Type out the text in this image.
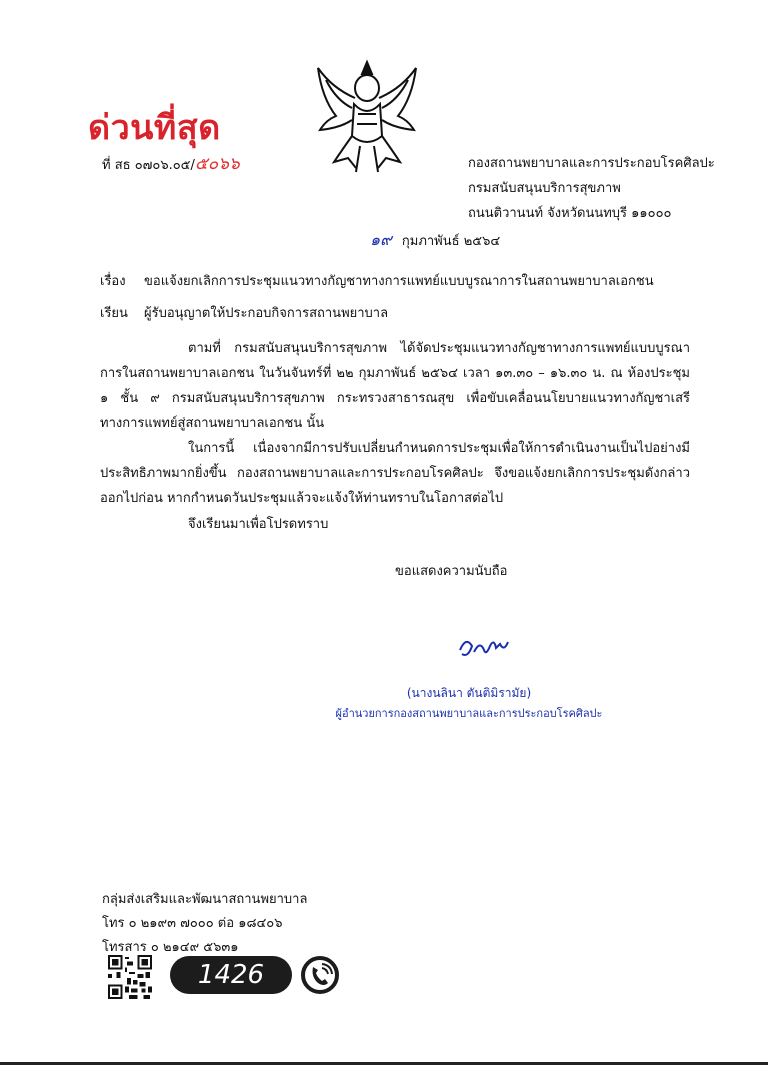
ด่วนที่สุด
ที่ สธ ๐๗๐๖.๐๕/๕๐๖๖	กองสถานพยาบาลและการประกอบโรคศิลปะ
กรมสนับสนุนบริการสุขภาพ
ถนนติวานนท์ จังหวัดนนทบุรี ๑๑๐๐๐
๑๙ กุมภาพันธ์ ๒๕๖๔
เรื่อง ขอแจ้งยกเลิกการประชุมแนวทางกัญชาทางการแพทย์แบบบูรณาการในสถานพยาบาลเอกชน
เรียน ผู้รับอนุญาตให้ประกอบกิจการสถานพยาบาล
ตามที่ กรมสนับสนุนบริการสุขภาพ ได้จัดประชุมแนวทางกัญชาทางการแพทย์แบบบูรณาการในสถานพยาบาลเอกชน ในวันจันทร์ที่ ๒๒ กุมภาพันธ์ ๒๕๖๔ เวลา ๑๓.๓๐ – ๑๖.๓๐ น. ณ ห้องประชุม ๑ ชั้น ๙ กรมสนับสนุนบริการสุขภาพ กระทรวงสาธารณสุข เพื่อขับเคลื่อนนโยบายแนวทางกัญชาเสรีทางการแพทย์สู่สถานพยาบาลเอกชน นั้น
ในการนี้ เนื่องจากมีการปรับเปลี่ยนกำหนดการประชุมเพื่อให้การดำเนินงานเป็นไปอย่างมีประสิทธิภาพมากยิ่งขึ้น กองสถานพยาบาลและการประกอบโรคศิลปะ จึงขอแจ้งยกเลิกการประชุมดังกล่าวออกไปก่อน หากกำหนดวันประชุมแล้วจะแจ้งให้ท่านทราบในโอกาสต่อไป
จึงเรียนมาเพื่อโปรดทราบ
ขอแสดงความนับถือ
(นางนลินา ตันติมิรามัย)
ผู้อำนวยการกองสถานพยาบาลและการประกอบโรคศิลปะ
กลุ่มส่งเสริมและพัฒนาสถานพยาบาล
โทร ๐ ๒๑๙๓ ๗๐๐๐ ต่อ ๑๘๔๐๖
โทรสาร ๐ ๒๑๔๙ ๕๖๓๑
1426
